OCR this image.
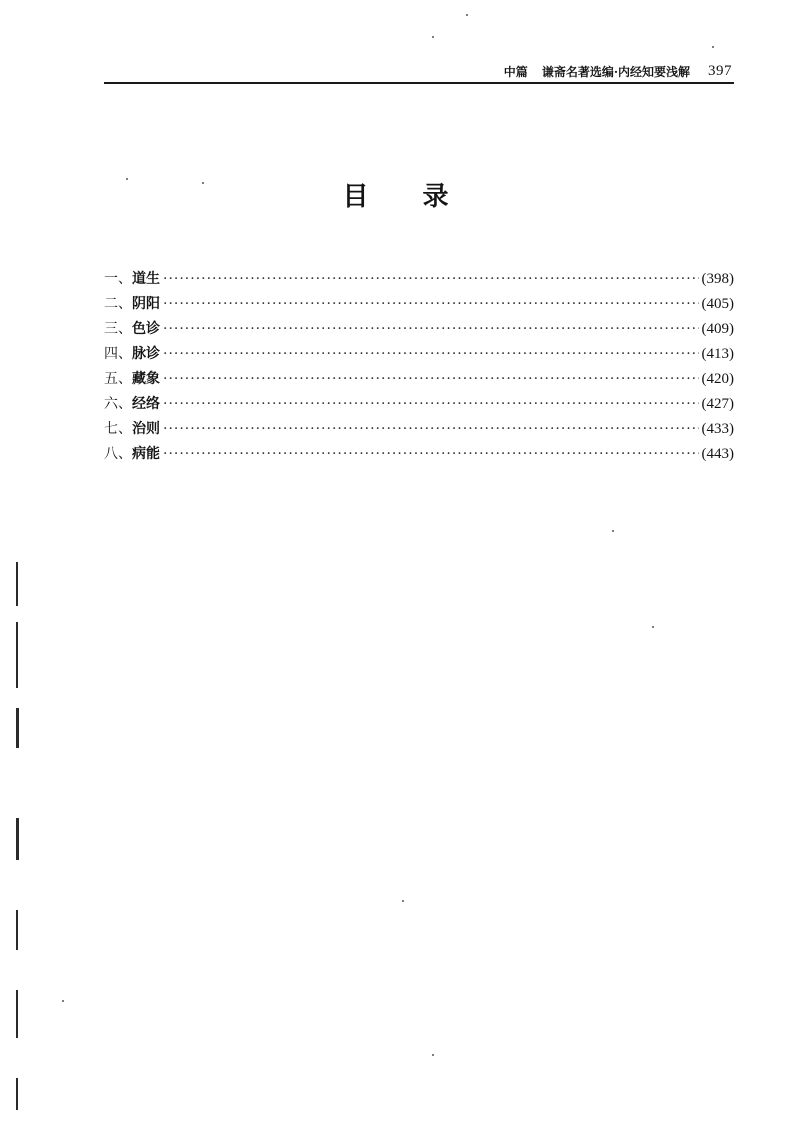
中篇 谦斋名著选编·内经知要浅解 397
目 录
一、 道生 ·····	(398)
二、 阴阳 ·····	(405)
三、 色诊 ·····	(409)
四、 脉诊 ·····	(413)
五、 藏象 ·····	(420)
六、 经络 ·····	(427)
七、 治则 ·····	(433)
八、 病能 ·····	(443)
